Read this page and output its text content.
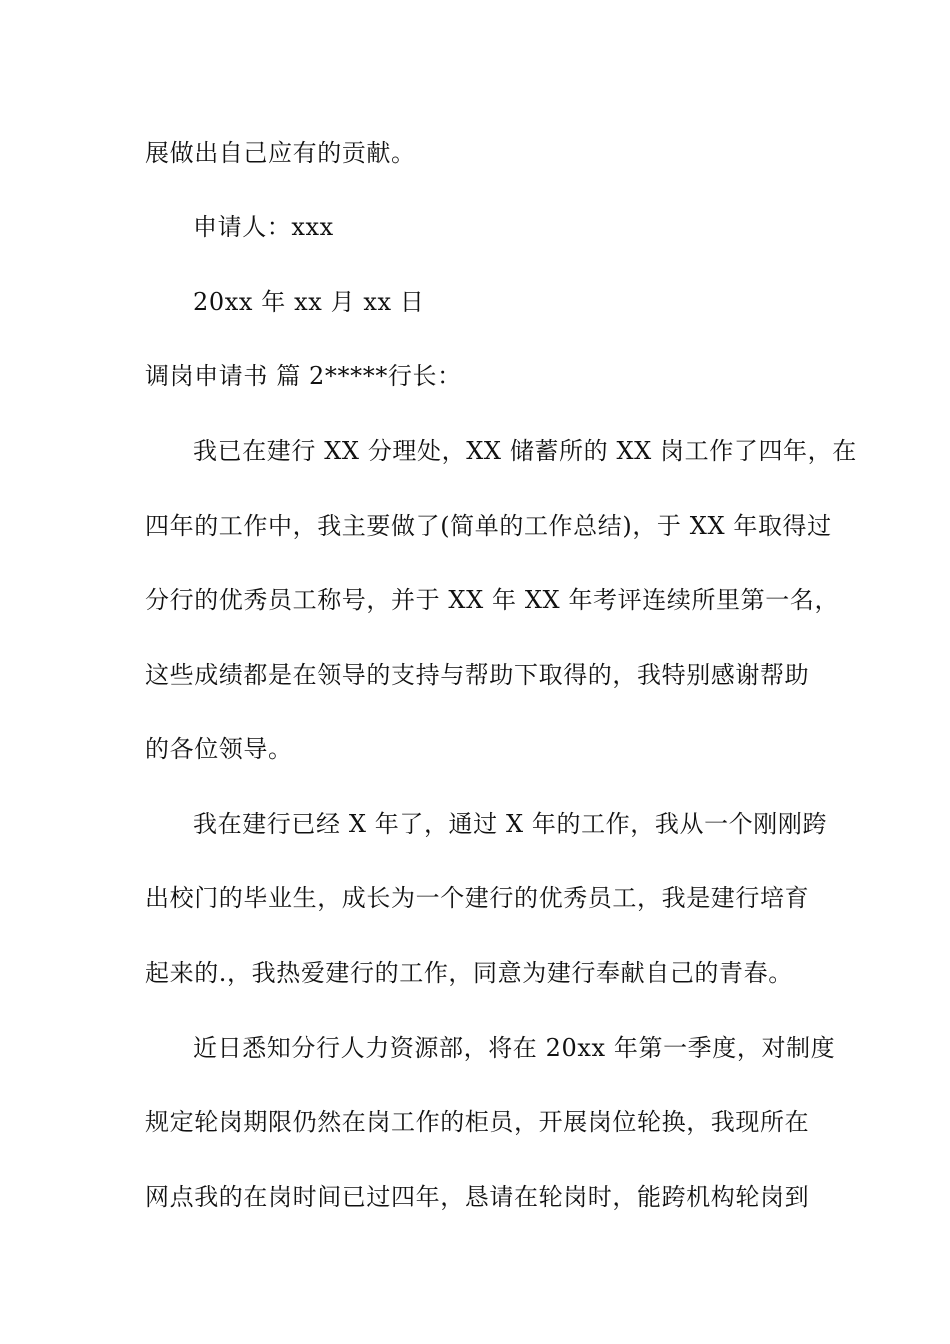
展做出自己应有的贡献。

申请人：xxx

20xx 年 xx 月 xx 日

调岗申请书 篇 2*****行长：

我已在建行 XX 分理处，XX 储蓄所的 XX 岗工作了四年，在

四年的工作中，我主要做了(简单的工作总结)，于 XX 年取得过

分行的优秀员工称号，并于 XX 年 XX 年考评连续所里第一名，

这些成绩都是在领导的支持与帮助下取得的，我特别感谢帮助

的各位领导。

我在建行已经 X 年了，通过 X 年的工作，我从一个刚刚跨

出校门的毕业生，成长为一个建行的优秀员工，我是建行培育

起来的.，我热爱建行的工作，同意为建行奉献自己的青春。

近日悉知分行人力资源部，将在 20xx 年第一季度，对制度

规定轮岗期限仍然在岗工作的柜员，开展岗位轮换，我现所在

网点我的在岗时间已过四年，恳请在轮岗时，能跨机构轮岗到
